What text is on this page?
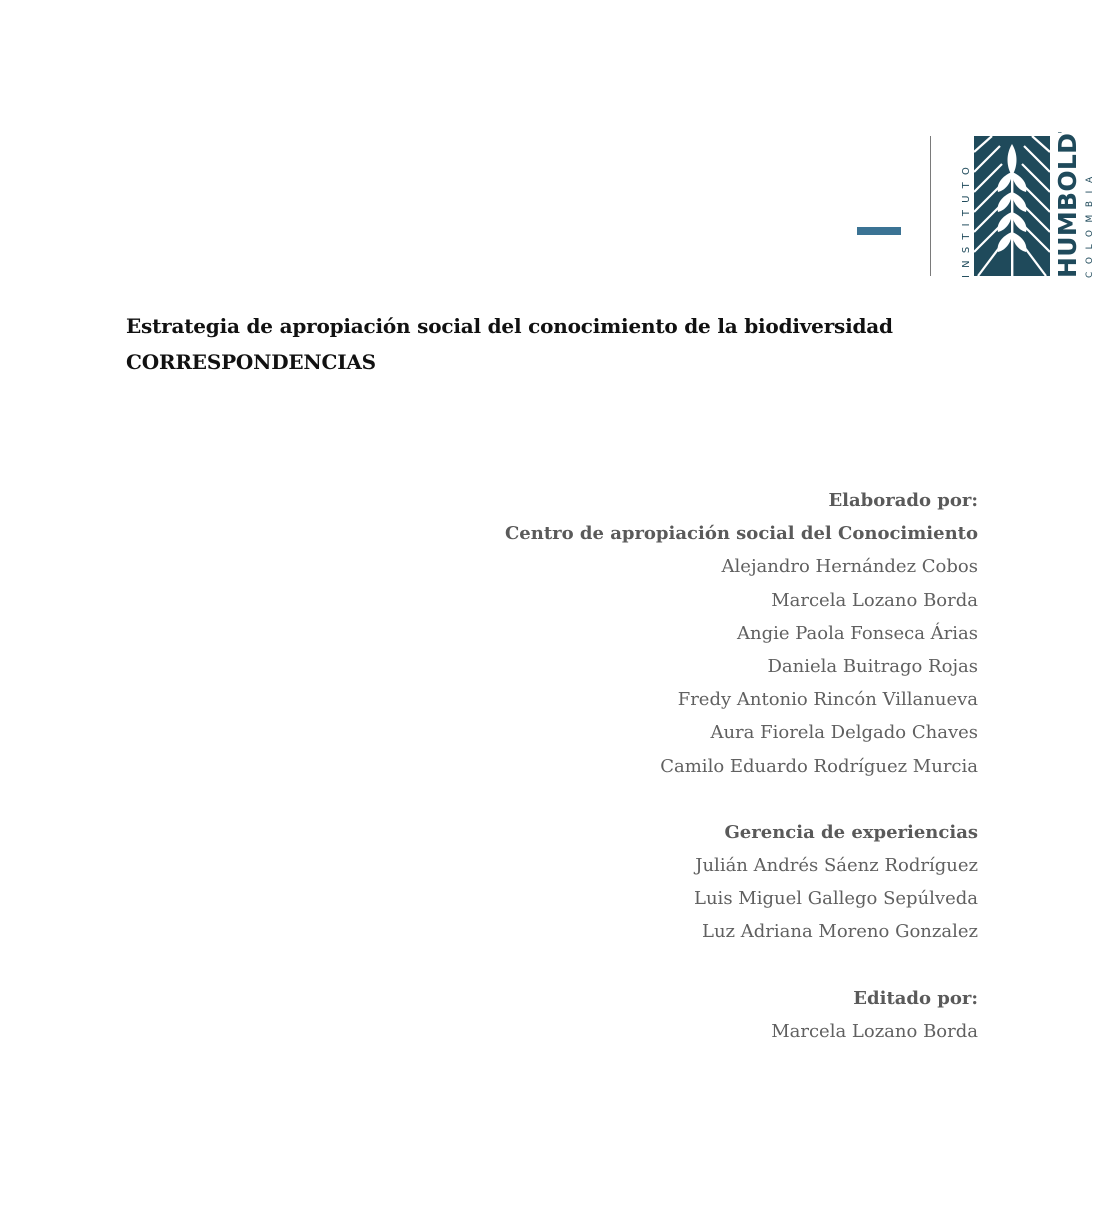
INSTITUTO	HUMBOLDT COLOMBIA
Estrategia de apropiación social del conocimiento de la biodiversidad
CORRESPONDENCIAS
Elaborado por:
Centro de apropiación social del Conocimiento
Alejandro Hernández Cobos
Marcela Lozano Borda
Angie Paola Fonseca Árias
Daniela Buitrago Rojas
Fredy Antonio Rincón Villanueva
Aura Fiorela Delgado Chaves
Camilo Eduardo Rodríguez Murcia
Gerencia de experiencias
Julián Andrés Sáenz Rodríguez
Luis Miguel Gallego Sepúlveda
Luz Adriana Moreno Gonzalez
Editado por:
Marcela Lozano Borda
